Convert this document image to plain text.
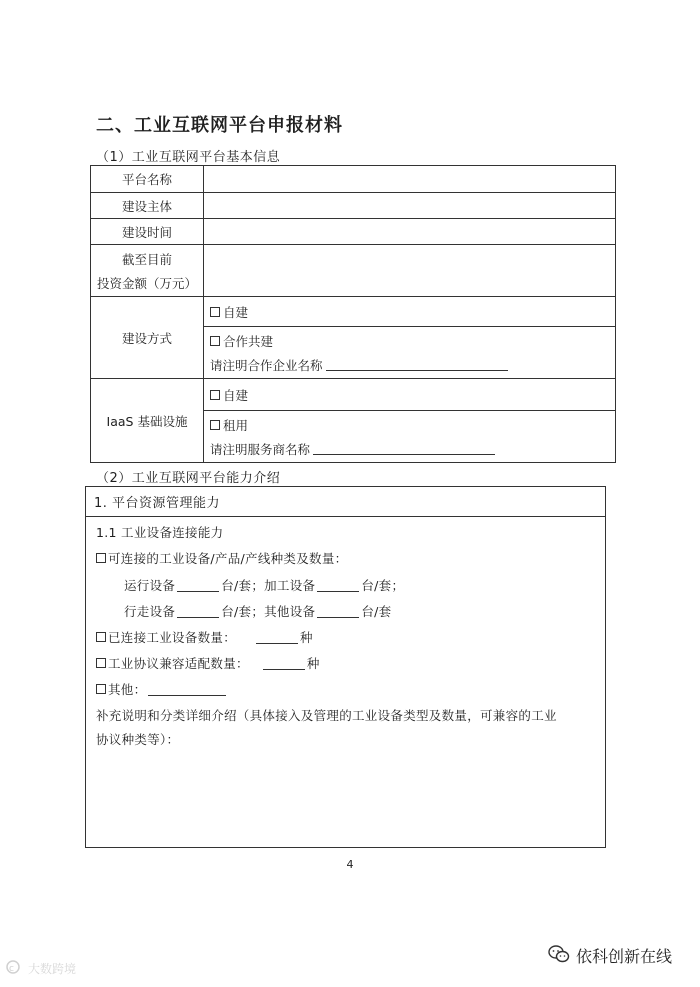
二、工业互联网平台申报材料
（1）工业互联网平台基本信息
平台名称	
建设主体	
建设时间	

截至目前
投资金额（万元）	

建设方式	自建

	合作共建
请注明合作企业名称

IaaS 基础设施	自建

	租用
请注明服务商名称
（2）工业互联网平台能力介绍
1. 平台资源管理能力
1.1 工业设备连接能力
可连接的工业设备/产品/产线种类及数量：
运行设备	台/套；加工设备	台/套；
行走设备	台/套；其他设备	台/套
已连接工业设备数量：	种
工业协议兼容适配数量：	种
其他：
补充说明和分类详细介绍（具体接入及管理的工业设备类型及数量，可兼容的工业
协议种类等）：
4
c 大数跨境
依科创新在线
